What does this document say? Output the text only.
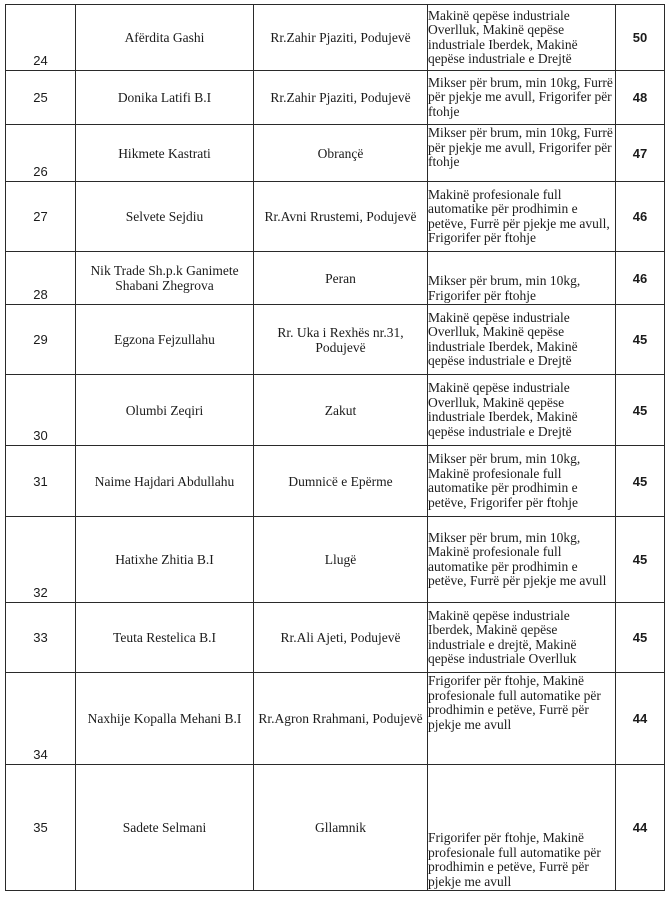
24	Afërdita Gashi	Rr.Zahir Pjaziti, Podujevë	Makinë qepëse industriale Overlluk, Makinë qepëse industriale Iberdek, Makinë qepëse industriale e Drejtë	50
25	Donika Latifi B.I	Rr.Zahir Pjaziti, Podujevë	Mikser për brum, min 10kg, Furrë për pjekje me avull, Frigorifer për ftohje	48
26	Hikmete Kastrati	Obrançë	Mikser për brum, min 10kg, Furrë për pjekje me avull, Frigorifer për ftohje	47
27	Selvete Sejdiu	Rr.Avni Rrustemi, Podujevë	Makinë profesionale full automatike për prodhimin e petëve, Furrë për pjekje me avull, Frigorifer për ftohje	46
28	Nik Trade Sh.p.k Ganimete Shabani Zhegrova	Peran	Mikser për brum, min 10kg, Frigorifer për ftohje	46
29	Egzona Fejzullahu	Rr. Uka i Rexhës nr.31, Podujevë	Makinë qepëse industriale Overlluk, Makinë qepëse industriale Iberdek, Makinë qepëse industriale e Drejtë	45
30	Olumbi Zeqiri	Zakut	Makinë qepëse industriale Overlluk, Makinë qepëse industriale Iberdek, Makinë qepëse industriale e Drejtë	45
31	Naime Hajdari Abdullahu	Dumnicë e Epërme	Mikser për brum, min 10kg, Makinë profesionale full automatike për prodhimin e petëve, Frigorifer për ftohje	45
32	Hatixhe Zhitia B.I	Llugë	Mikser për brum, min 10kg, Makinë profesionale full automatike për prodhimin e petëve, Furrë për pjekje me avull	45
33	Teuta Restelica B.I	Rr.Ali Ajeti, Podujevë	Makinë qepëse industriale Iberdek, Makinë qepëse industriale e drejtë, Makinë qepëse industriale Overlluk	45
34	Naxhije Kopalla Mehani B.I	Rr.Agron Rrahmani, Podujevë	Frigorifer për ftohje, Makinë profesionale full automatike për prodhimin e petëve, Furrë për pjekje me avull	44
35	Sadete Selmani	Gllamnik	Frigorifer për ftohje, Makinë profesionale full automatike për prodhimin e petëve, Furrë për pjekje me avull	44
